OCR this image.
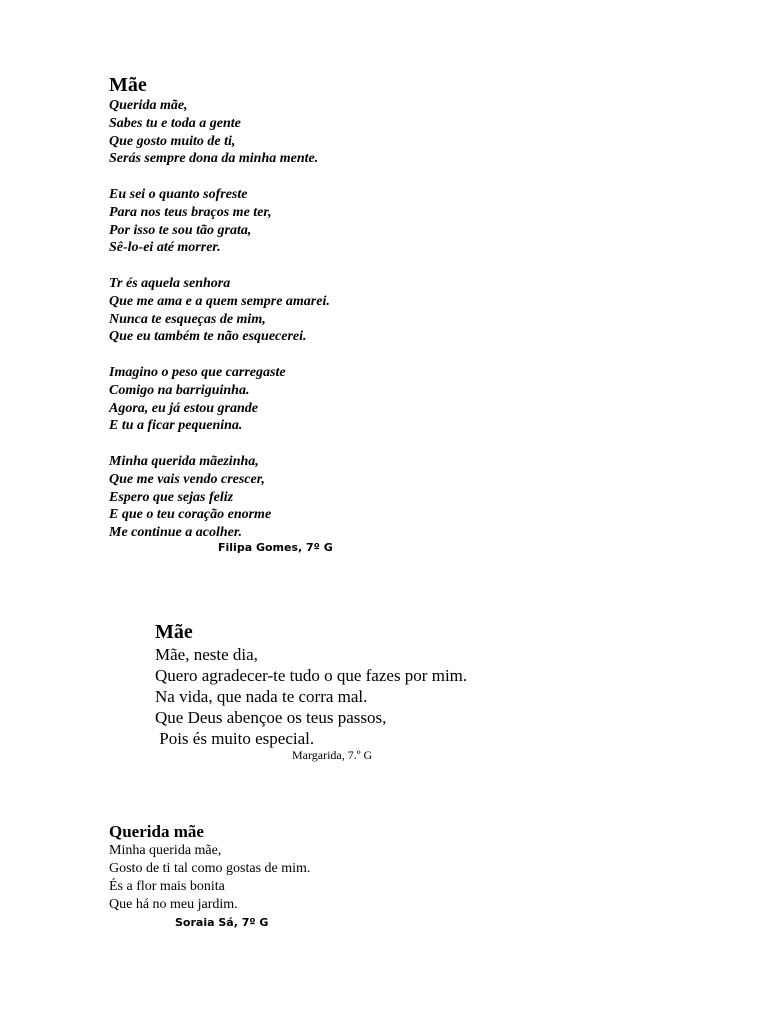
Mãe
Querida mãe,
Sabes tu e toda a gente
Que gosto muito de ti,
Serás sempre dona da minha mente.
Eu sei o quanto sofreste
Para nos teus braços me ter,
Por isso te sou tão grata,
Sê-lo-ei até morrer.
Tr és aquela senhora
Que me ama e a quem sempre amarei.
Nunca te esqueças de mim,
Que eu também te não esquecerei.
Imagino o peso que carregaste
Comigo na barriguinha.
Agora, eu já estou grande
E tu a ficar pequenina.
Minha querida mãezinha,
Que me vais vendo crescer,
Espero que sejas feliz
E que o teu coração enorme
Me continue a acolher.
Filipa Gomes, 7º G
Mãe
Mãe, neste dia,
Quero agradecer-te tudo o que fazes por mim.
Na vida, que nada te corra mal.
Que Deus abençoe os teus passos,
Pois és muito especial.
Margarida, 7.º G
Querida mãe
Minha querida mãe,
Gosto de ti tal como gostas de mim.
És a flor mais bonita
Que há no meu jardim.
Soraia Sá, 7º G
